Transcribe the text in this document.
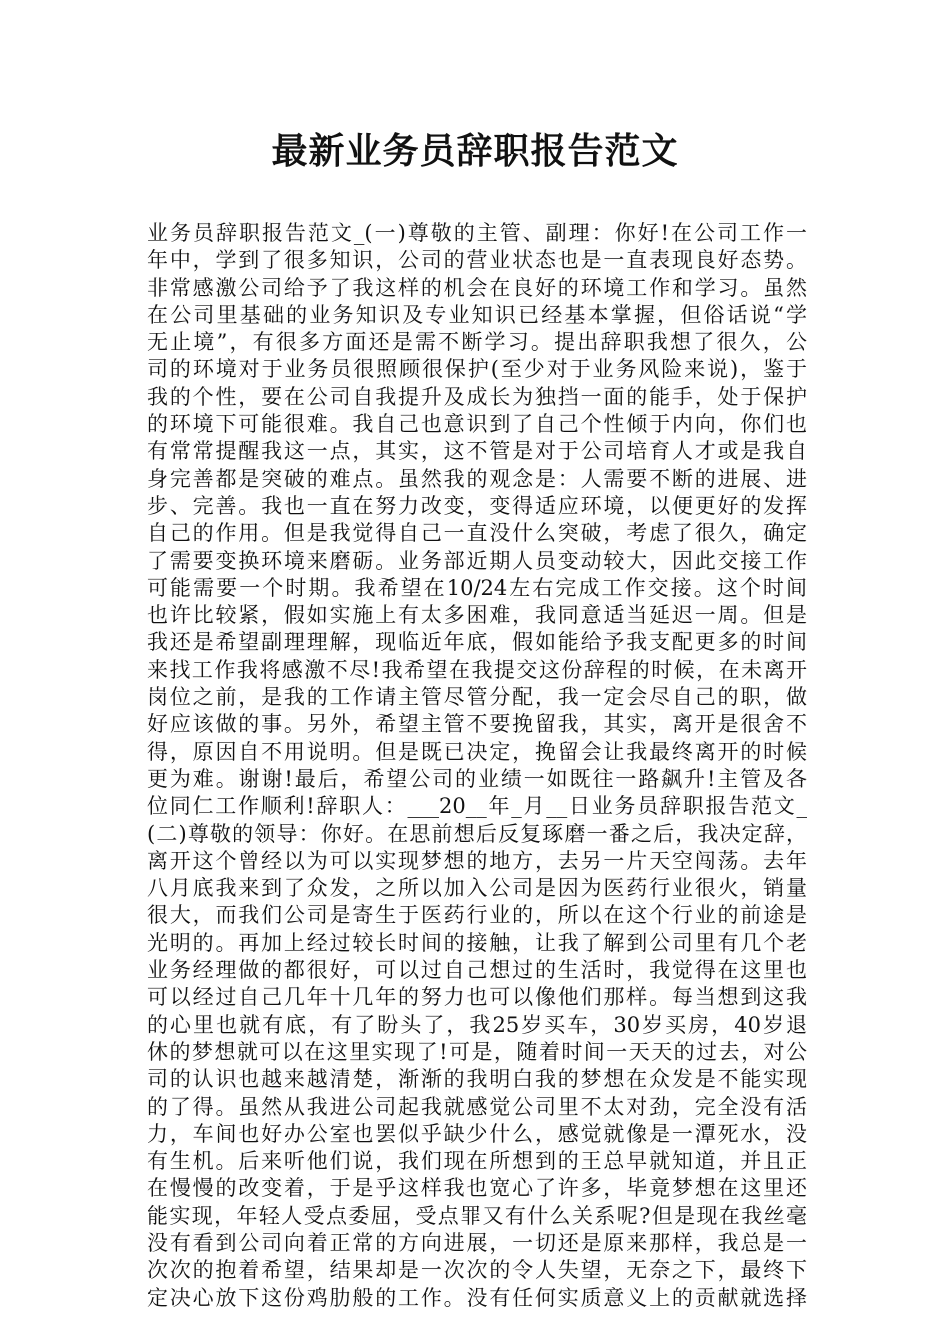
最新业务员辞职报告范文
业务员辞职报告范文_(一)尊敬的主管、副理：你好!在公司工作一
年中，学到了很多知识，公司的营业状态也是一直表现良好态势。
非常感激公司给予了我这样的机会在良好的环境工作和学习。虽然
在公司里基础的业务知识及专业知识已经基本掌握，但俗话说“学
无止境”，有很多方面还是需不断学习。提出辞职我想了很久，公
司的环境对于业务员很照顾很保护(至少对于业务风险来说)，鉴于
我的个性，要在公司自我提升及成长为独挡一面的能手，处于保护
的环境下可能很难。我自己也意识到了自己个性倾于内向，你们也
有常常提醒我这一点，其实，这不管是对于公司培育人才或是我自
身完善都是突破的难点。虽然我的观念是：人需要不断的进展、进
步、完善。我也一直在努力改变，变得适应环境，以便更好的发挥
自己的作用。但是我觉得自己一直没什么突破，考虑了很久，确定
了需要变换环境来磨砺。业务部近期人员变动较大，因此交接工作
可能需要一个时期。我希望在10/24左右完成工作交接。这个时间
也许比较紧，假如实施上有太多困难，我同意适当延迟一周。但是
我还是希望副理理解，现临近年底，假如能给予我支配更多的时间
来找工作我将感激不尽!我希望在我提交这份辞程的时候，在未离开
岗位之前，是我的工作请主管尽管分配，我一定会尽自己的职，做
好应该做的事。另外，希望主管不要挽留我，其实，离开是很舍不
得，原因自不用说明。但是既已决定，挽留会让我最终离开的时候
更为难。谢谢!最后，希望公司的业绩一如既往一路飙升!主管及各
位同仁工作顺利!辞职人：___20__年_月__日业务员辞职报告范文_
(二)尊敬的领导：你好。在思前想后反复琢磨一番之后，我决定辞，
离开这个曾经以为可以实现梦想的地方，去另一片天空闯荡。去年
八月底我来到了众发，之所以加入公司是因为医药行业很火，销量
很大，而我们公司是寄生于医药行业的，所以在这个行业的前途是
光明的。再加上经过较长时间的接触，让我了解到公司里有几个老
业务经理做的都很好，可以过自己想过的生活时，我觉得在这里也
可以经过自己几年十几年的努力也可以像他们那样。每当想到这我
的心里也就有底，有了盼头了，我25岁买车，30岁买房，40岁退
休的梦想就可以在这里实现了!可是，随着时间一天天的过去，对公
司的认识也越来越清楚，渐渐的我明白我的梦想在众发是不能实现
的了得。虽然从我进公司起我就感觉公司里不太对劲，完全没有活
力，车间也好办公室也罢似乎缺少什么，感觉就像是一潭死水，没
有生机。后来听他们说，我们现在所想到的王总早就知道，并且正
在慢慢的改变着，于是乎这样我也宽心了许多，毕竟梦想在这里还
能实现，年轻人受点委屈，受点罪又有什么关系呢?但是现在我丝毫
没有看到公司向着正常的方向进展，一切还是原来那样，我总是一
次次的抱着希望，结果却是一次次的令人失望，无奈之下，最终下
定决心放下这份鸡肋般的工作。没有任何实质意义上的贡献就选择
